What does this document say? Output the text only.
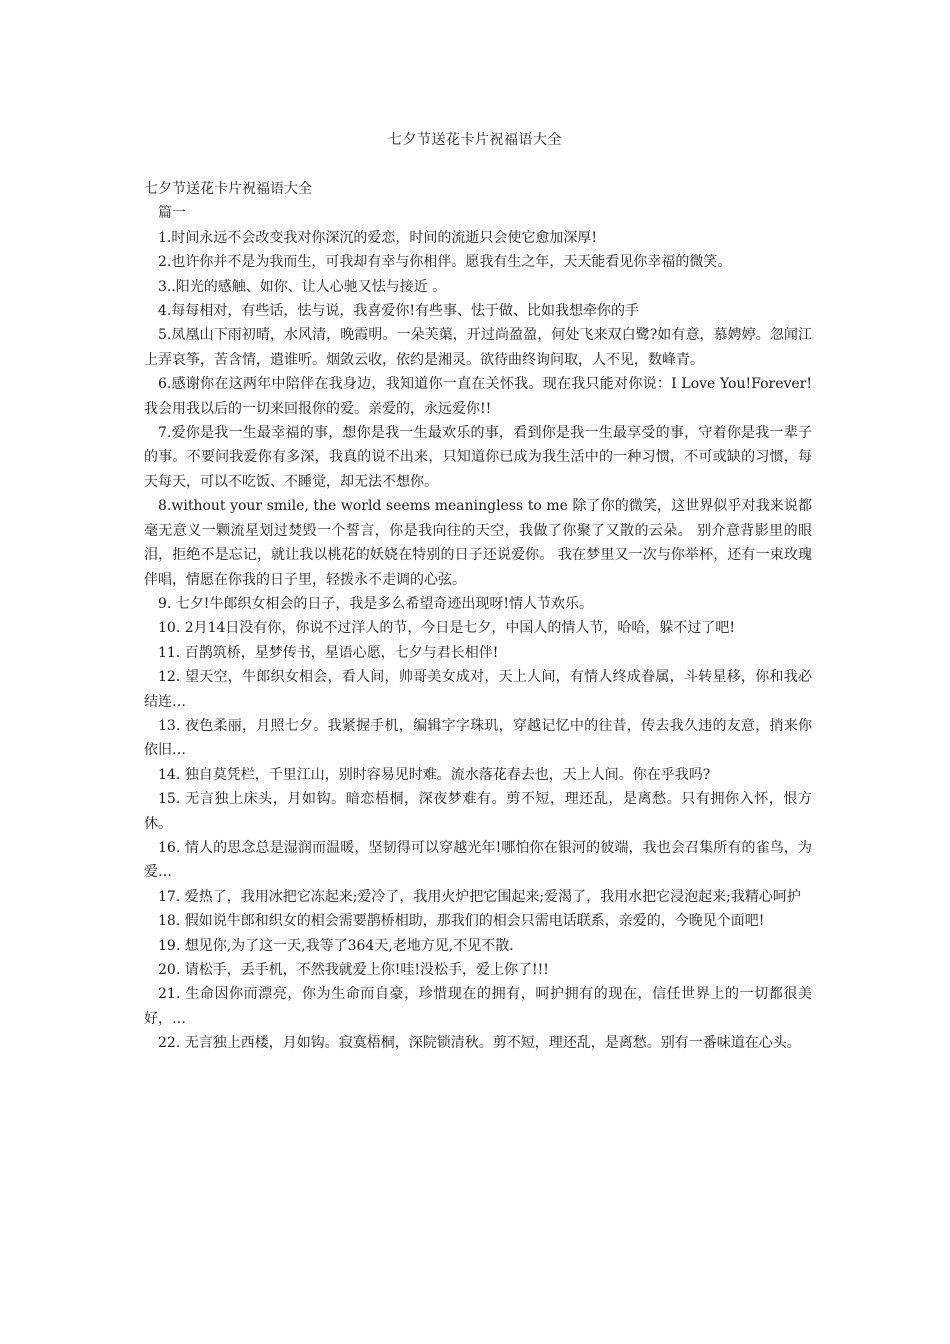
七夕节送花卡片祝福语大全

七夕节送花卡片祝福语大全

篇一

1.时间永远不会改变我对你深沉的爱恋，时间的流逝只会使它愈加深厚!

2.也许你并不是为我而生，可我却有幸与你相伴。愿我有生之年，天天能看见你幸福的微笑。

3..阳光的感触、如你、让人心驰又怯与接近 。

4.每每相对，有些话，怯与说，我喜爱你!有些事、怯于做、比如我想牵你的手

5.凤凰山下雨初晴，水风清，晚霞明。一朵芙蕖，开过尚盈盈，何处飞来双白鹭?如有意，慕娉婷。忽闻江上弄哀筝，苦含情，遣谁听。烟敛云收，依约是湘灵。欲待曲终询问取，人不见，数峰青。

6.感谢你在这两年中陪伴在我身边，我知道你一直在关怀我。现在我只能对你说：I Love You!Forever!我会用我以后的一切来回报你的爱。亲爱的，永远爱你!!

7.爱你是我一生最幸福的事，想你是我一生最欢乐的事，看到你是我一生最享受的事，守着你是我一辈子的事。不要问我爱你有多深，我真的说不出来，只知道你已成为我生活中的一种习惯，不可或缺的习惯，每天每天，可以不吃饭、不睡觉，却无法不想你。

8.without your smile, the world seems meaningless to me 除了你的微笑，这世界似乎对我来说都毫无意义一颗流星划过焚毁一个誓言，你是我向往的天空，我做了你聚了又散的云朵。 别介意背影里的眼泪，拒绝不是忘记，就让我以桃花的妖娆在特别的日子还说爱你。 我在梦里又一次与你举杯，还有一束玫瑰伴唱，情愿在你我的日子里，轻拨永不走调的心弦。

9. 七夕!牛郎织女相会的日子，我是多么希望奇迹出现呀!情人节欢乐。

10. 2月14日没有你，你说不过洋人的节，今日是七夕，中国人的情人节，哈哈，躲不过了吧!

11. 百鹊筑桥，星梦传书，星语心愿，七夕与君长相伴!

12. 望天空，牛郎织女相会，看人间，帅哥美女成对，天上人间，有情人终成眷属，斗转星移，你和我必结连…

13. 夜色柔丽，月照七夕。我紧握手机，编辑字字珠玑，穿越记忆中的往昔，传去我久违的友意，捎来你依旧…

14. 独自莫凭栏，千里江山，别时容易见时难。流水落花春去也，天上人间。你在乎我吗?

15. 无言独上床头，月如钩。暗恋梧桐，深夜梦难有。剪不短，理还乱，是离愁。只有拥你入怀，恨方休。

16. 情人的思念总是湿润而温暖，坚韧得可以穿越光年!哪怕你在银河的彼端，我也会召集所有的雀鸟，为爱…

17. 爱热了，我用冰把它冻起来;爱冷了，我用火炉把它围起来;爱渴了，我用水把它浸泡起来;我精心呵护

18. 假如说牛郎和织女的相会需要鹊桥相助，那我们的相会只需电话联系，亲爱的，今晚见个面吧!

19. 想见你,为了这一天,我等了364天,老地方见,不见不散.

20. 请松手，丢手机，不然我就爱上你!哇!没松手，爱上你了!!!

21. 生命因你而漂亮，你为生命而自豪，珍惜现在的拥有，呵护拥有的现在，信任世界上的一切都很美好，…

22. 无言独上西楼，月如钩。寂寞梧桐，深院锁清秋。剪不短，理还乱，是离愁。别有一番味道在心头。
